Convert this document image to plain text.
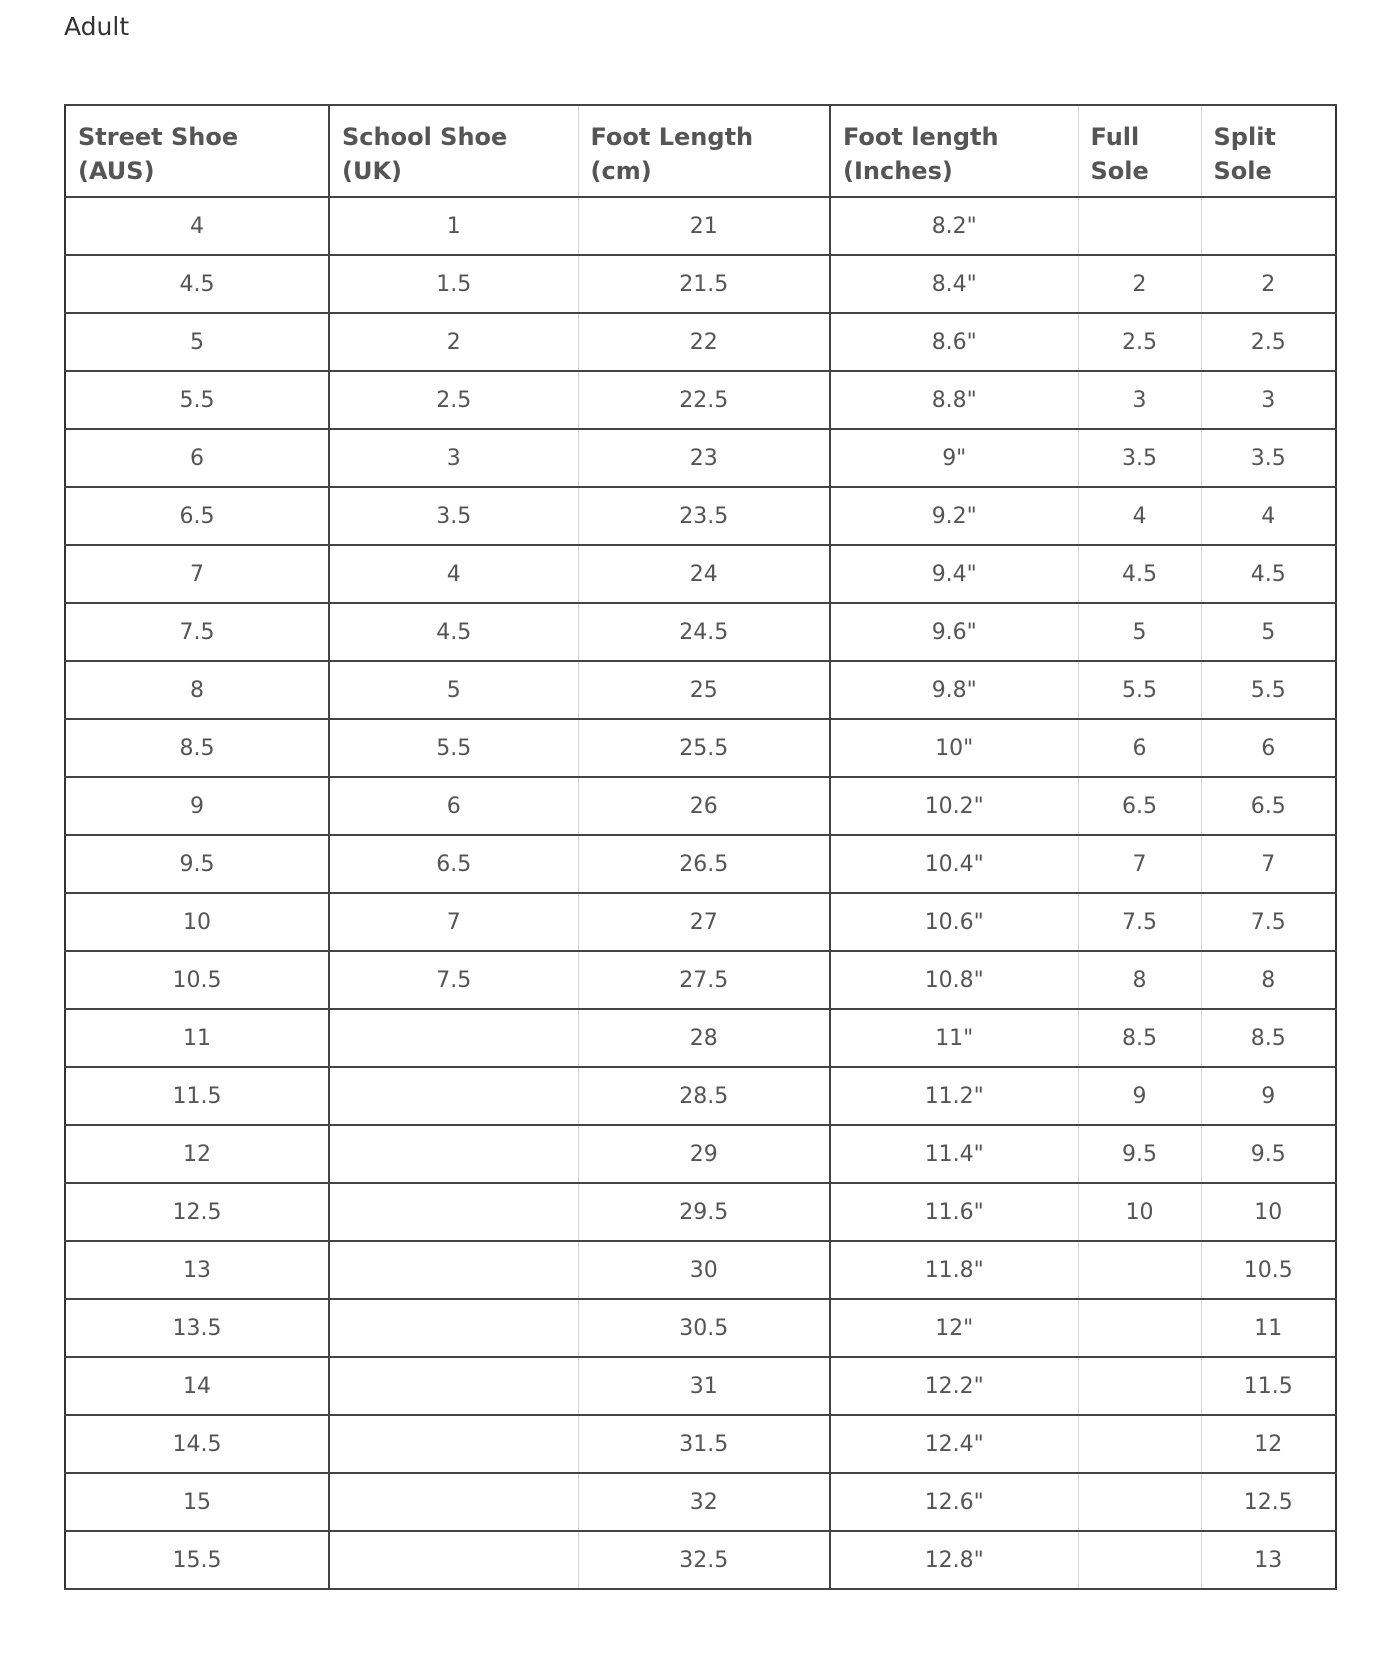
Adult
Street Shoe (AUS)	School Shoe (UK)	Foot Length (cm)	Foot length (Inches)	Full Sole	Split Sole
4	1	21	8.2"		
4.5	1.5	21.5	8.4"	2	2
5	2	22	8.6"	2.5	2.5
5.5	2.5	22.5	8.8"	3	3
6	3	23	9"	3.5	3.5
6.5	3.5	23.5	9.2"	4	4
7	4	24	9.4"	4.5	4.5
7.5	4.5	24.5	9.6"	5	5
8	5	25	9.8"	5.5	5.5
8.5	5.5	25.5	10"	6	6
9	6	26	10.2"	6.5	6.5
9.5	6.5	26.5	10.4"	7	7
10	7	27	10.6"	7.5	7.5
10.5	7.5	27.5	10.8"	8	8
11		28	11"	8.5	8.5
11.5		28.5	11.2"	9	9
12		29	11.4"	9.5	9.5
12.5		29.5	11.6"	10	10
13		30	11.8"		10.5
13.5		30.5	12"		11
14		31	12.2"		11.5
14.5		31.5	12.4"		12
15		32	12.6"		12.5
15.5		32.5	12.8"		13
